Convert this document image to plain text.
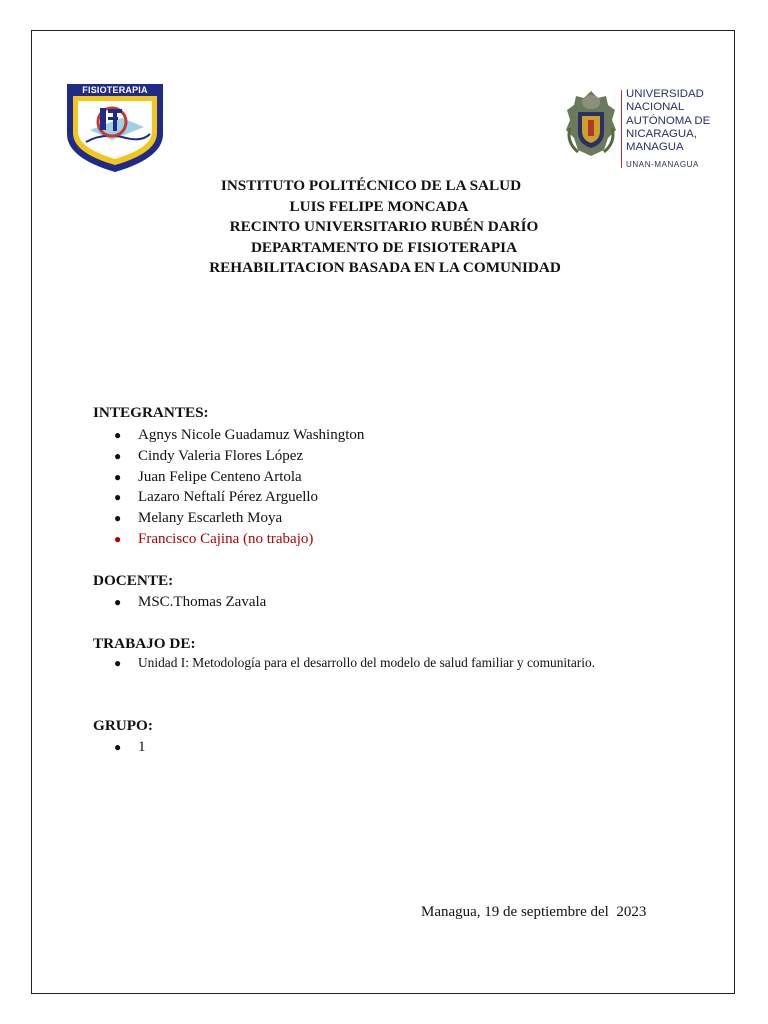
FISIOTERAPIA	UNIVERSIDAD
NACIONAL
AUTÓNOMA DE
NICARAGUA,
MANAGUA
UNAN-MANAGUA
INSTITUTO POLITÉCNICO DE LA SALUD
LUIS FELIPE MONCADA
RECINTO UNIVERSITARIO RUBÉN DARÍO
DEPARTAMENTO DE FISIOTERAPIA
REHABILITACION BASADA EN LA COMUNIDAD
INTEGRANTES:
● Agnys Nicole Guadamuz Washington
● Cindy Valeria Flores López
● Juan Felipe Centeno Artola
● Lazaro Neftalí Pérez Arguello
● Melany Escarleth Moya
● Francisco Cajina (no trabajo)
DOCENTE:
● MSC.Thomas Zavala
TRABAJO DE:
● Unidad I: Metodología para el desarrollo del modelo de salud familiar y comunitario.
GRUPO:
● 1
Managua, 19 de septiembre del  2023
